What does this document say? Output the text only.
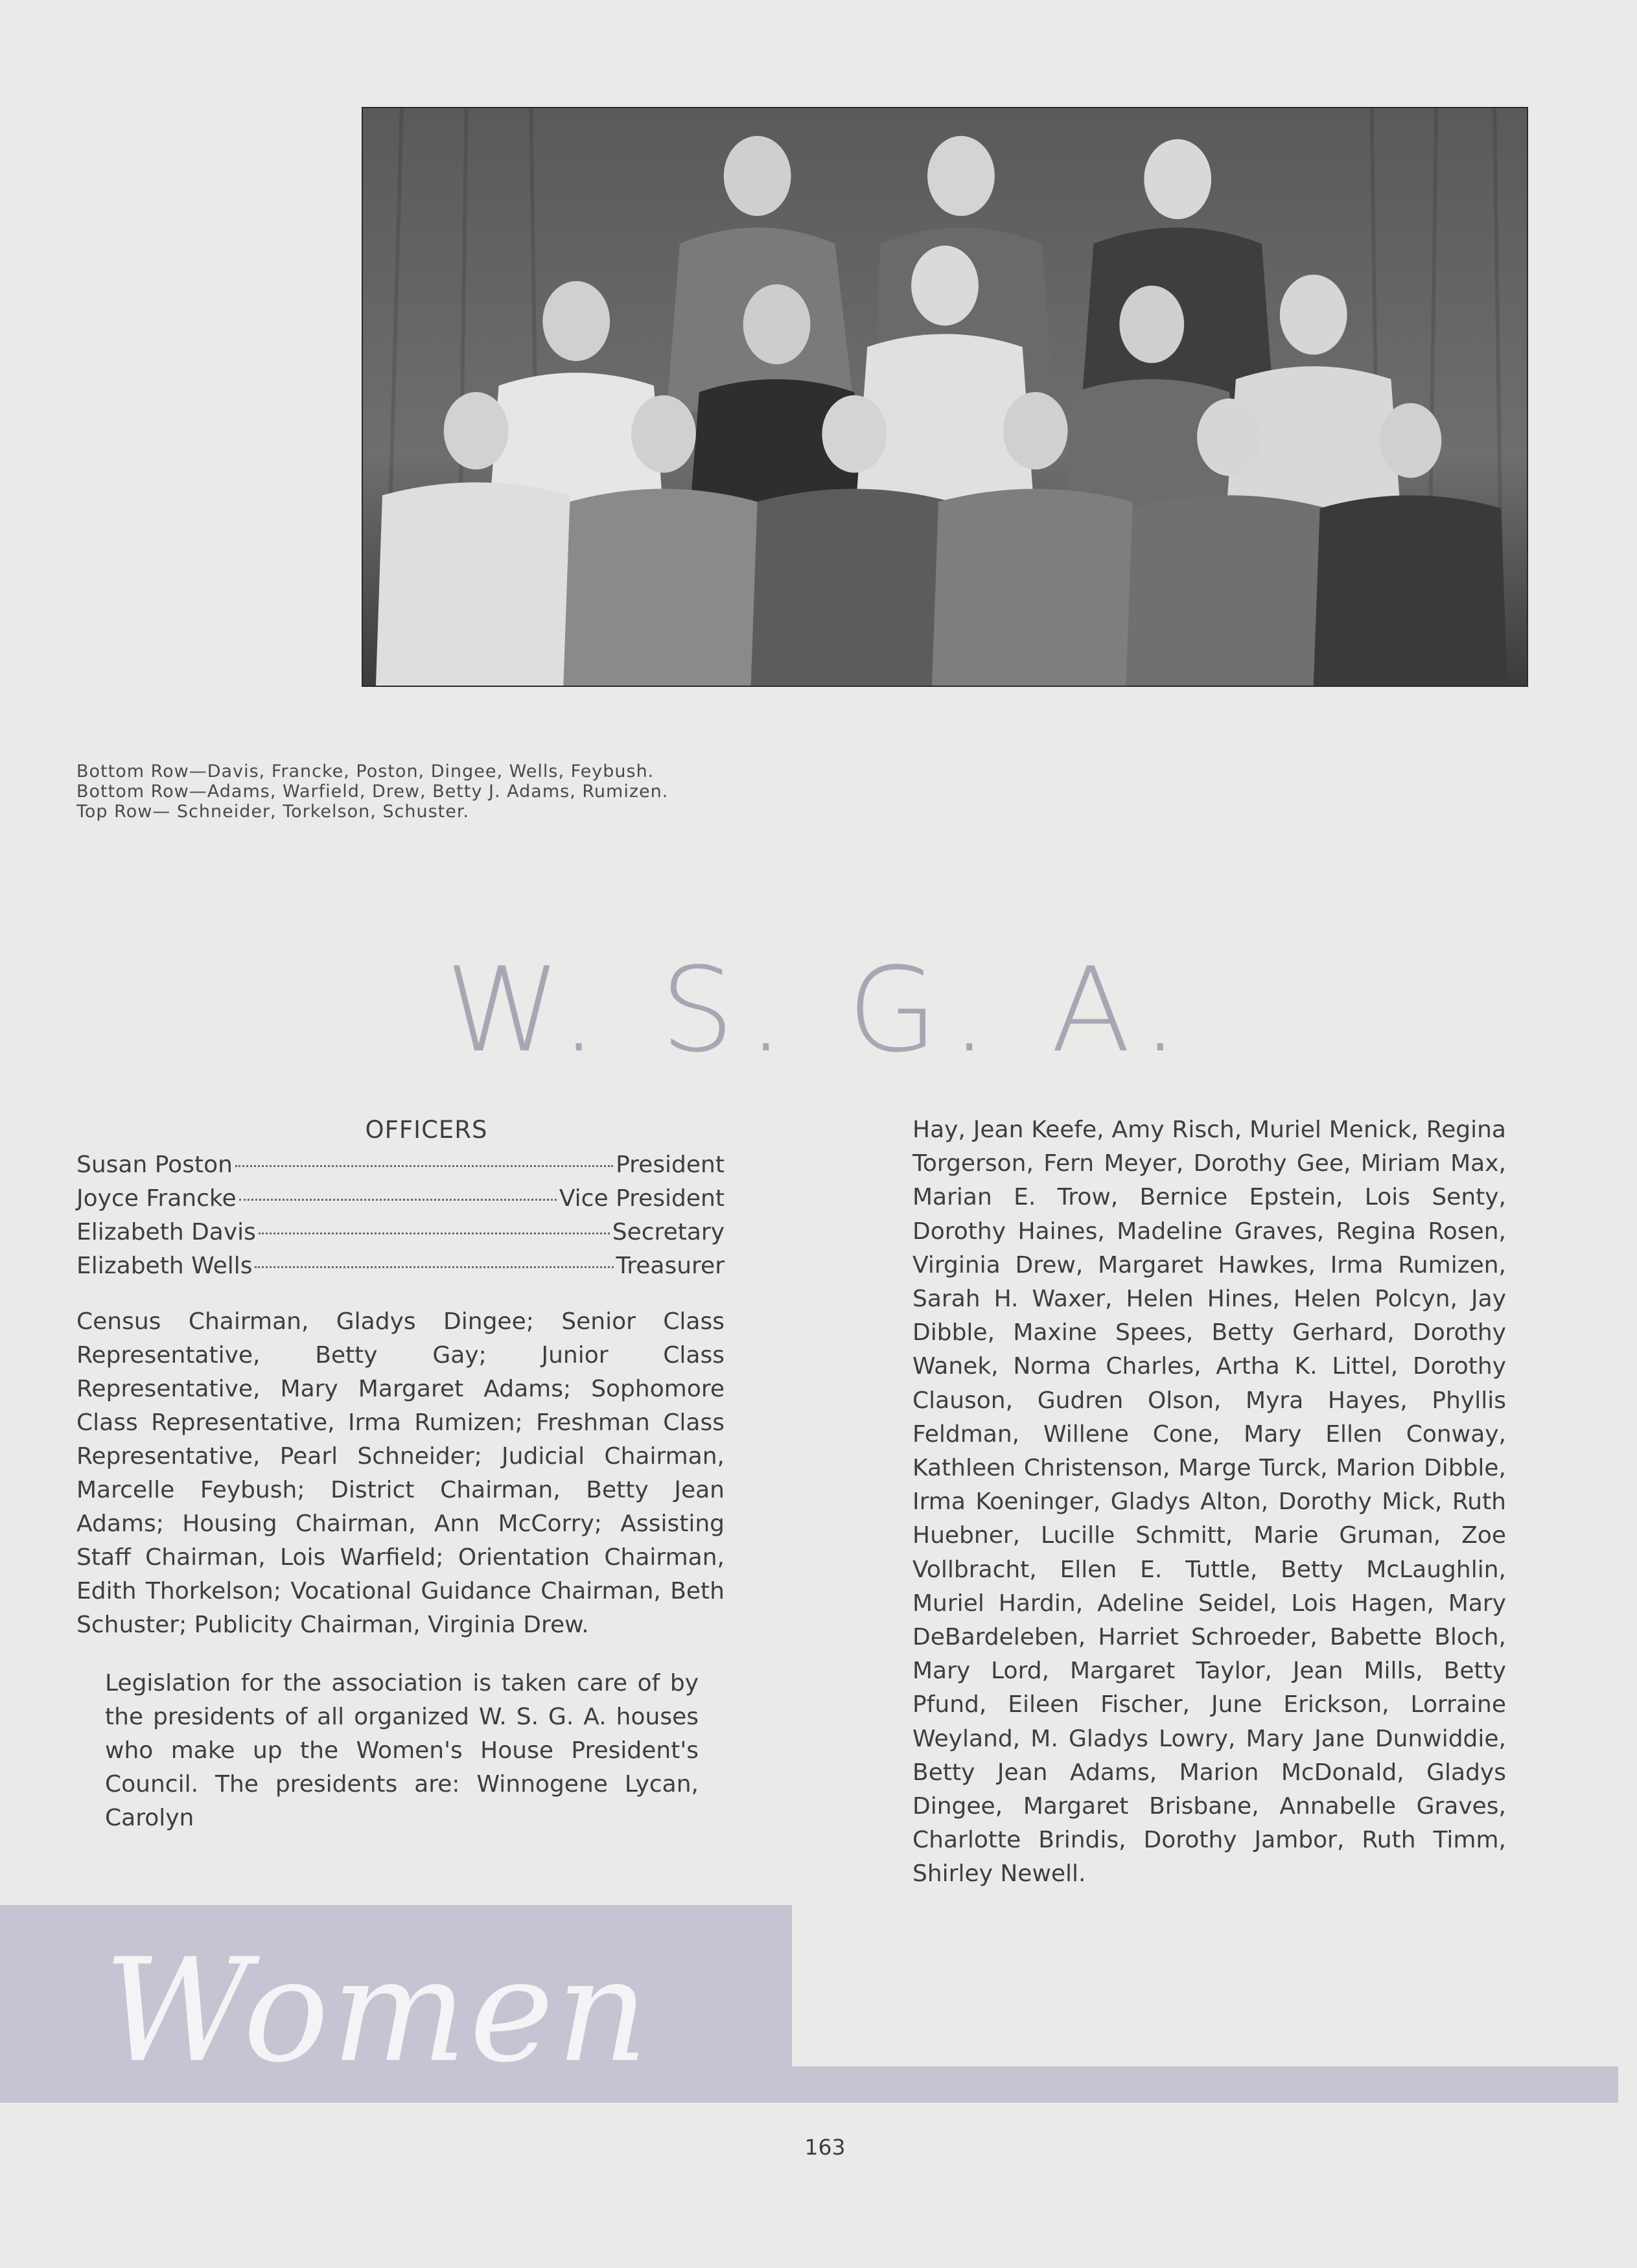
Bottom Row—Davis, Francke, Poston, Dingee, Wells, Feybush.
Bottom Row—Adams, Warfield, Drew, Betty J. Adams, Rumizen.
Top Row— Schneider, Torkelson, Schuster.
W. S. G. A.
OFFICERS
Susan Poston	President
Joyce Francke	Vice President
Elizabeth Davis	Secretary
Elizabeth Wells	Treasurer
Census Chairman, Gladys Dingee; Senior Class Representative, Betty Gay; Junior Class Representative, Mary Margaret Adams; Sophomore Class Representative, Irma Rumizen; Freshman Class Representative, Pearl Schneider; Judicial Chairman, Marcelle Feybush; District Chairman, Betty Jean Adams; Housing Chairman, Ann McCorry; Assisting Staff Chairman, Lois Warfield; Orientation Chairman, Edith Thorkelson; Vocational Guidance Chairman, Beth Schuster; Publicity Chairman, Virginia Drew.
Legislation for the association is taken care of by the presidents of all organized W. S. G. A. houses who make up the Women's House President's Council. The presidents are: Winnogene Lycan, Carolyn
Hay, Jean Keefe, Amy Risch, Muriel Menick, Regina Torgerson, Fern Meyer, Dorothy Gee, Miriam Max, Marian E. Trow, Bernice Epstein, Lois Senty, Dorothy Haines, Madeline Graves, Regina Rosen, Virginia Drew, Margaret Hawkes, Irma Rumizen, Sarah H. Waxer, Helen Hines, Helen Polcyn, Jay Dibble, Maxine Spees, Betty Gerhard, Dorothy Wanek, Norma Charles, Artha K. Littel, Dorothy Clauson, Gudren Olson, Myra Hayes, Phyllis Feldman, Willene Cone, Mary Ellen Conway, Kathleen Christenson, Marge Turck, Marion Dibble, Irma Koeninger, Gladys Alton, Dorothy Mick, Ruth Huebner, Lucille Schmitt, Marie Gruman, Zoe Vollbracht, Ellen E. Tuttle, Betty McLaughlin, Muriel Hardin, Adeline Seidel, Lois Hagen, Mary DeBardeleben, Harriet Schroeder, Babette Bloch, Mary Lord, Margaret Taylor, Jean Mills, Betty Pfund, Eileen Fischer, June Erickson, Lorraine Weyland, M. Gladys Lowry, Mary Jane Dunwiddie, Betty Jean Adams, Marion McDonald, Gladys Dingee, Margaret Brisbane, Annabelle Graves, Charlotte Brindis, Dorothy Jambor, Ruth Timm, Shirley Newell.
Women
163
